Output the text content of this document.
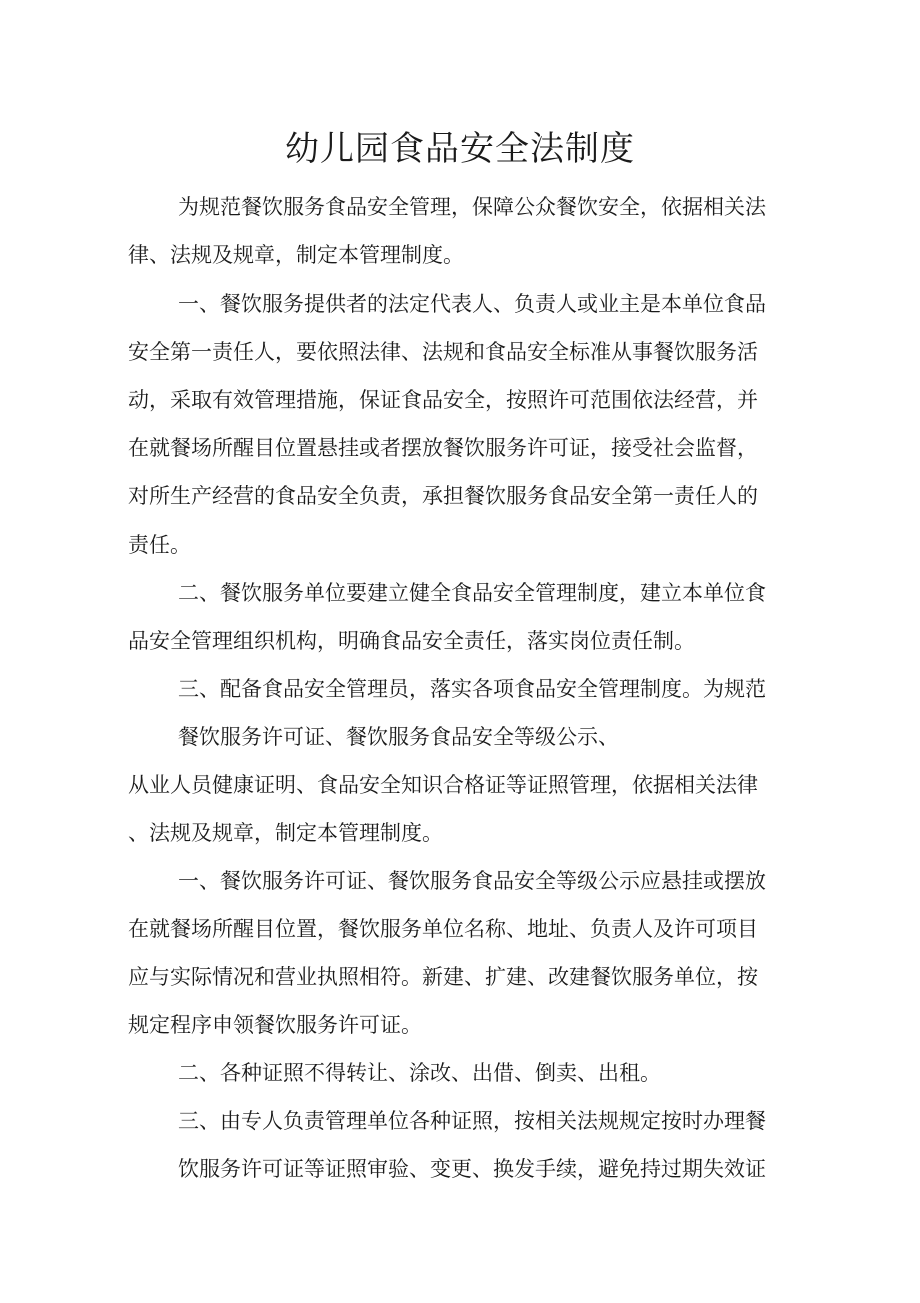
幼儿园食品安全法制度

为规范餐饮服务食品安全管理，保障公众餐饮安全，依据相关法

律、法规及规章，制定本管理制度。

一、餐饮服务提供者的法定代表人、负责人或业主是本单位食品

安全第一责任人，要依照法律、法规和食品安全标准从事餐饮服务活

动，采取有效管理措施，保证食品安全，按照许可范围依法经营，并

在就餐场所醒目位置悬挂或者摆放餐饮服务许可证，接受社会监督，

对所生产经营的食品安全负责，承担餐饮服务食品安全第一责任人的

责任。

二、餐饮服务单位要建立健全食品安全管理制度，建立本单位食

品安全管理组织机构，明确食品安全责任，落实岗位责任制。

三、配备食品安全管理员，落实各项食品安全管理制度。为规范

餐饮服务许可证、餐饮服务食品安全等级公示、

从业人员健康证明、食品安全知识合格证等证照管理，依据相关法律

、法规及规章，制定本管理制度。

一、餐饮服务许可证、餐饮服务食品安全等级公示应悬挂或摆放

在就餐场所醒目位置，餐饮服务单位名称、地址、负责人及许可项目

应与实际情况和营业执照相符。新建、扩建、改建餐饮服务单位，按

规定程序申领餐饮服务许可证。

二、各种证照不得转让、涂改、出借、倒卖、出租。

三、由专人负责管理单位各种证照，按相关法规规定按时办理餐

饮服务许可证等证照审验、变更、换发手续，避免持过期失效证
